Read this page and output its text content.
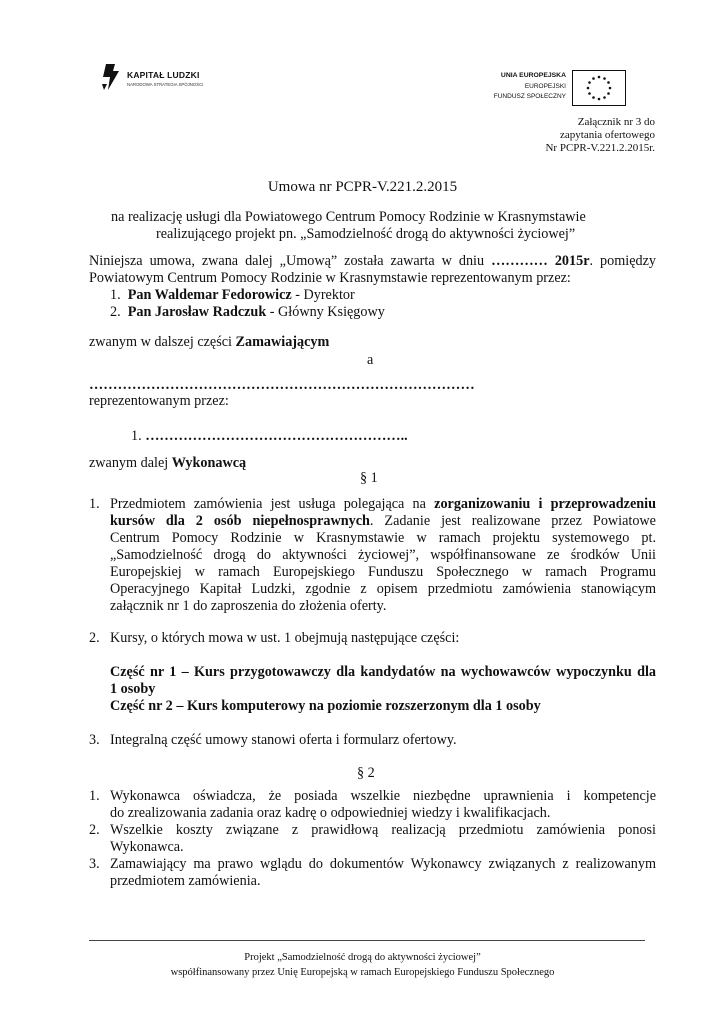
KAPITAŁ LUDZKI
NARODOWA STRATEGIA SPÓJNOŚCI
UNIA EUROPEJSKA
EUROPEJSKI
FUNDUSZ SPOŁECZNY
Załącznik nr 3 do
zapytania ofertowego
Nr PCPR-V.221.2.2015r.
Umowa nr PCPR-V.221.2.2015
na realizację usługi dla Powiatowego Centrum Pomocy Rodzinie w Krasnymstawie
realizującego projekt pn. „Samodzielność drogą do aktywności życiowej”
Niniejsza umowa, zwana dalej „Umową” została zawarta w dniu ………… 2015r. pomiędzy
Powiatowym Centrum Pomocy Rodzinie w Krasnymstawie reprezentowanym przez:
1. Pan Waldemar Fedorowicz - Dyrektor
2. Pan Jarosław Radczuk - Główny Księgowy
zwanym w dalszej części Zamawiającym
a
………………………………………………………………………
reprezentowanym przez:
1. ………………………………………………..
zwanym dalej Wykonawcą
§ 1
1. Przedmiotem zamówienia jest usługa polegająca na zorganizowaniu i przeprowadzeniu
kursów dla 2 osób niepełnosprawnych. Zadanie jest realizowane przez Powiatowe
Centrum Pomocy Rodzinie w Krasnymstawie w ramach projektu systemowego pt.
„Samodzielność drogą do aktywności życiowej”, współfinansowane ze środków Unii
Europejskiej w ramach Europejskiego Funduszu Społecznego w ramach Programu
Operacyjnego Kapitał Ludzki, zgodnie z opisem przedmiotu zamówienia stanowiącym
załącznik nr 1 do zaproszenia do złożenia oferty.
2. Kursy, o których mowa w ust. 1 obejmują następujące części:
Część nr 1 – Kurs przygotowawczy dla kandydatów na wychowawców wypoczynku dla
1 osoby
Część nr 2 – Kurs komputerowy na poziomie rozszerzonym dla 1 osoby
3. Integralną część umowy stanowi oferta i formularz ofertowy.
§ 2
1. Wykonawca oświadcza, że posiada wszelkie niezbędne uprawnienia i kompetencje
do zrealizowania zadania oraz kadrę o odpowiedniej wiedzy i kwalifikacjach.
2. Wszelkie koszty związane z prawidłową realizacją przedmiotu zamówienia ponosi
Wykonawca.
3. Zamawiający ma prawo wglądu do dokumentów Wykonawcy związanych z realizowanym
przedmiotem zamówienia.
Projekt „Samodzielność drogą do aktywności życiowej”
współfinansowany przez Unię Europejską w ramach Europejskiego Funduszu Społecznego
